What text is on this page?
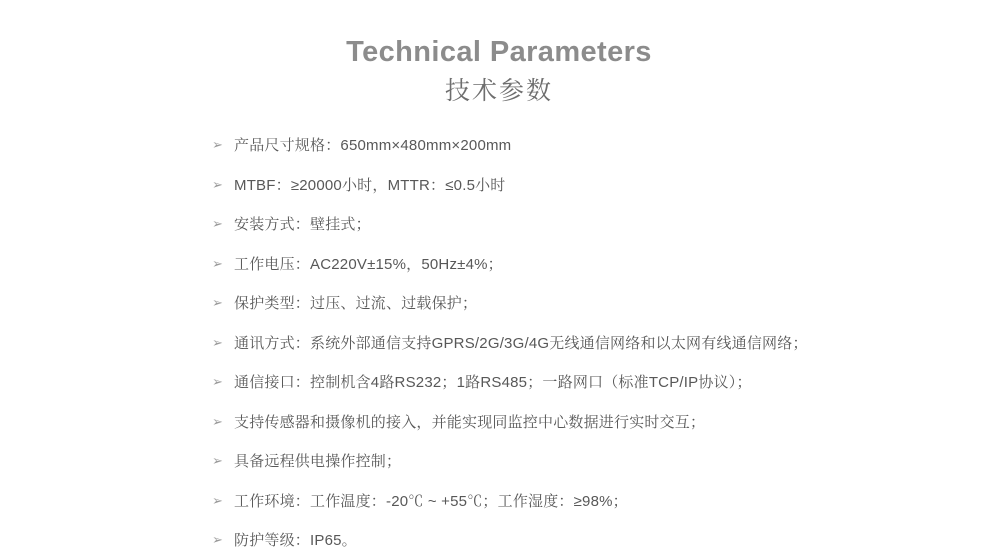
Technical Parameters
技术参数
➢ 产品尺寸规格：650mm×480mm×200mm
➢ MTBF：≥20000小时，MTTR：≤0.5小时
➢ 安装方式：壁挂式；
➢ 工作电压：AC220V±15%，50Hz±4%；
➢ 保护类型：过压、过流、过载保护；
➢ 通讯方式：系统外部通信支持GPRS/2G/3G/4G无线通信网络和以太网有线通信网络；
➢ 通信接口：控制机含4路RS232；1路RS485；一路网口（标准TCP/IP协议）；
➢ 支持传感器和摄像机的接入，并能实现同监控中心数据进行实时交互；
➢ 具备远程供电操作控制；
➢ 工作环境：工作温度：-20℃ ~ +55℃；工作湿度：≥98%；
➢ 防护等级：IP65。
